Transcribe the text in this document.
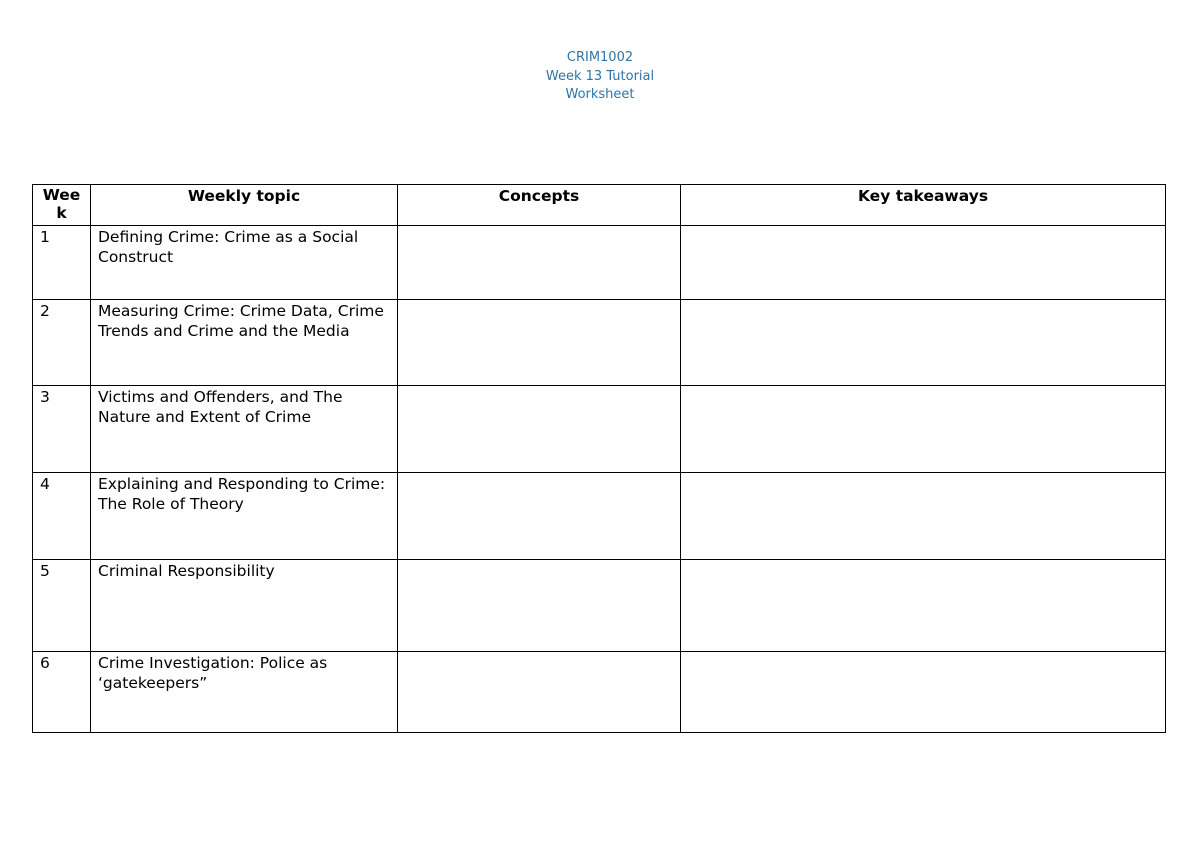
CRIM1002
Week 13 Tutorial
Worksheet
Week	Weekly topic	Concepts	Key takeaways
1	Defining Crime: Crime as a Social Construct		
2	Measuring Crime: Crime Data, Crime Trends and Crime and the Media		
3	Victims and Offenders, and The Nature and Extent of Crime		
4	Explaining and Responding to Crime: The Role of Theory		
5	Criminal Responsibility		
6	Crime Investigation: Police as ‘gatekeepers”		
